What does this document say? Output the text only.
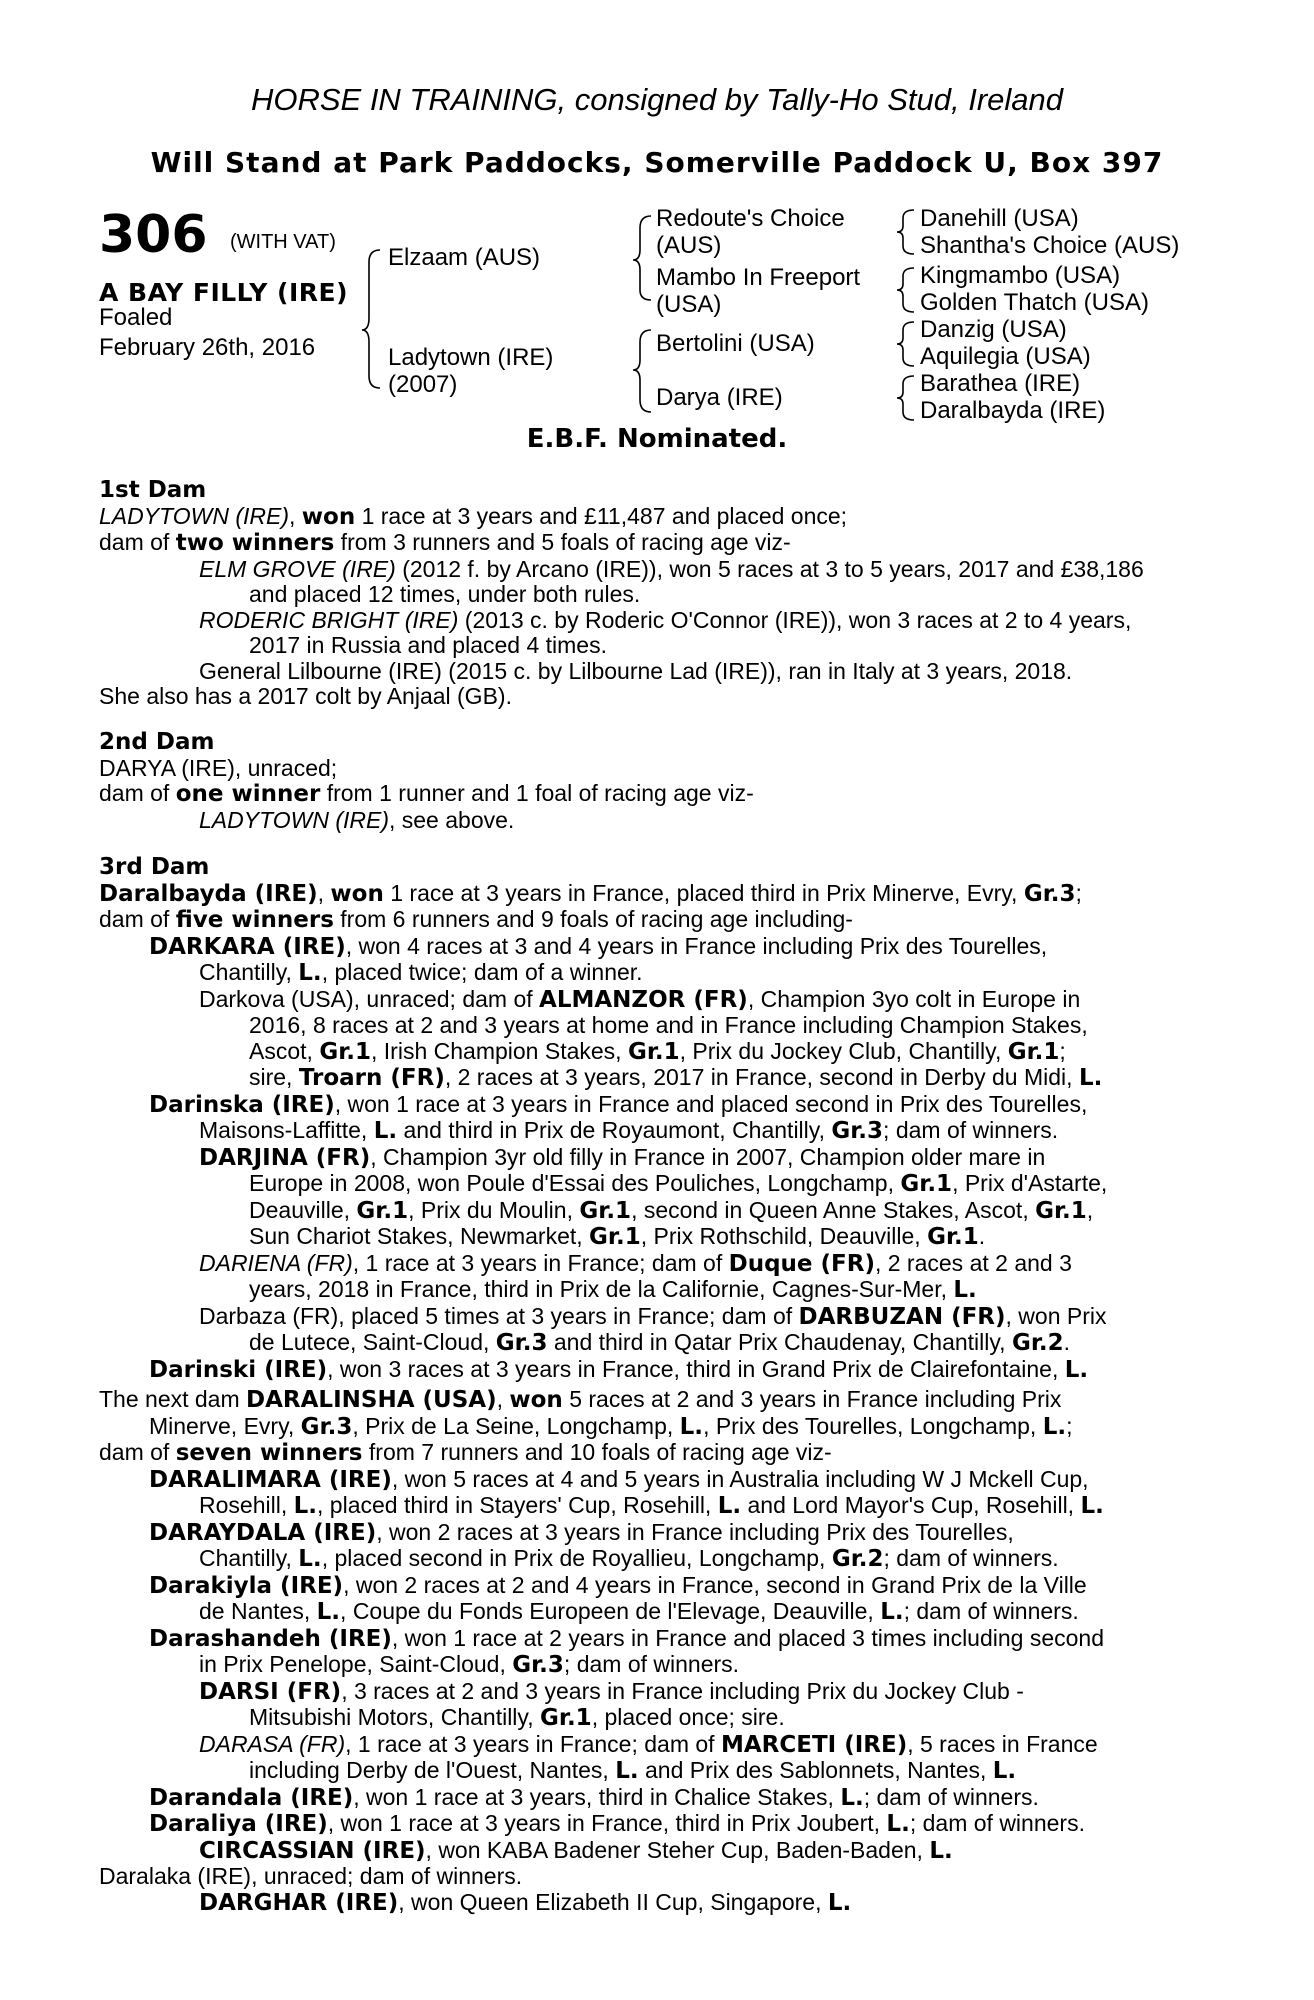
HORSE IN TRAINING, consigned by Tally-Ho Stud, Ireland
Will Stand at Park Paddocks, Somerville Paddock U, Box 397
306 (WITH VAT)
A BAY FILLY (IRE)
Foaled
February 26th, 2016
Elzaam (AUS)
Ladytown (IRE)
(2007)
Redoute's Choice
(AUS)
Mambo In Freeport
(USA)
Bertolini (USA)
Darya (IRE)
Danehill (USA)
Shantha's Choice (AUS)
Kingmambo (USA)
Golden Thatch (USA)
Danzig (USA)
Aquilegia (USA)
Barathea (IRE)
Daralbayda (IRE)
E.B.F. Nominated.
1st Dam

LADYTOWN (IRE), won 1 race at 3 years and £11,487 and placed once;

dam of two winners from 3 runners and 5 foals of racing age viz-

ELM GROVE (IRE) (2012 f. by Arcano (IRE)), won 5 races at 3 to 5 years, 2017 and £38,186

and placed 12 times, under both rules.

RODERIC BRIGHT (IRE) (2013 c. by Roderic O'Connor (IRE)), won 3 races at 2 to 4 years,

2017 in Russia and placed 4 times.

General Lilbourne (IRE) (2015 c. by Lilbourne Lad (IRE)), ran in Italy at 3 years, 2018.

She also has a 2017 colt by Anjaal (GB).

2nd Dam

DARYA (IRE), unraced;

dam of one winner from 1 runner and 1 foal of racing age viz-

LADYTOWN (IRE), see above.

3rd Dam

Daralbayda (IRE), won 1 race at 3 years in France, placed third in Prix Minerve, Evry, Gr.3;

dam of five winners from 6 runners and 9 foals of racing age including-

DARKARA (IRE), won 4 races at 3 and 4 years in France including Prix des Tourelles,

Chantilly, L., placed twice; dam of a winner.

Darkova (USA), unraced; dam of ALMANZOR (FR), Champion 3yo colt in Europe in

2016, 8 races at 2 and 3 years at home and in France including Champion Stakes,

Ascot, Gr.1, Irish Champion Stakes, Gr.1, Prix du Jockey Club, Chantilly, Gr.1;

sire, Troarn (FR), 2 races at 3 years, 2017 in France, second in Derby du Midi, L.

Darinska (IRE), won 1 race at 3 years in France and placed second in Prix des Tourelles,

Maisons-Laffitte, L. and third in Prix de Royaumont, Chantilly, Gr.3; dam of winners.

DARJINA (FR), Champion 3yr old filly in France in 2007, Champion older mare in

Europe in 2008, won Poule d'Essai des Pouliches, Longchamp, Gr.1, Prix d'Astarte,

Deauville, Gr.1, Prix du Moulin, Gr.1, second in Queen Anne Stakes, Ascot, Gr.1,

Sun Chariot Stakes, Newmarket, Gr.1, Prix Rothschild, Deauville, Gr.1.

DARIENA (FR), 1 race at 3 years in France; dam of Duque (FR), 2 races at 2 and 3

years, 2018 in France, third in Prix de la Californie, Cagnes-Sur-Mer, L.

Darbaza (FR), placed 5 times at 3 years in France; dam of DARBUZAN (FR), won Prix

de Lutece, Saint-Cloud, Gr.3 and third in Qatar Prix Chaudenay, Chantilly, Gr.2.

Darinski (IRE), won 3 races at 3 years in France, third in Grand Prix de Clairefontaine, L.

The next dam DARALINSHA (USA), won 5 races at 2 and 3 years in France including Prix

Minerve, Evry, Gr.3, Prix de La Seine, Longchamp, L., Prix des Tourelles, Longchamp, L.;

dam of seven winners from 7 runners and 10 foals of racing age viz-

DARALIMARA (IRE), won 5 races at 4 and 5 years in Australia including W J Mckell Cup,

Rosehill, L., placed third in Stayers' Cup, Rosehill, L. and Lord Mayor's Cup, Rosehill, L.

DARAYDALA (IRE), won 2 races at 3 years in France including Prix des Tourelles,

Chantilly, L., placed second in Prix de Royallieu, Longchamp, Gr.2; dam of winners.

Darakiyla (IRE), won 2 races at 2 and 4 years in France, second in Grand Prix de la Ville

de Nantes, L., Coupe du Fonds Europeen de l'Elevage, Deauville, L.; dam of winners.

Darashandeh (IRE), won 1 race at 2 years in France and placed 3 times including second

in Prix Penelope, Saint-Cloud, Gr.3; dam of winners.

DARSI (FR), 3 races at 2 and 3 years in France including Prix du Jockey Club -

Mitsubishi Motors, Chantilly, Gr.1, placed once; sire.

DARASA (FR), 1 race at 3 years in France; dam of MARCETI (IRE), 5 races in France

including Derby de l'Ouest, Nantes, L. and Prix des Sablonnets, Nantes, L.

Darandala (IRE), won 1 race at 3 years, third in Chalice Stakes, L.; dam of winners.

Daraliya (IRE), won 1 race at 3 years in France, third in Prix Joubert, L.; dam of winners.

CIRCASSIAN (IRE), won KABA Badener Steher Cup, Baden-Baden, L.

Daralaka (IRE), unraced; dam of winners.

DARGHAR (IRE), won Queen Elizabeth II Cup, Singapore, L.
